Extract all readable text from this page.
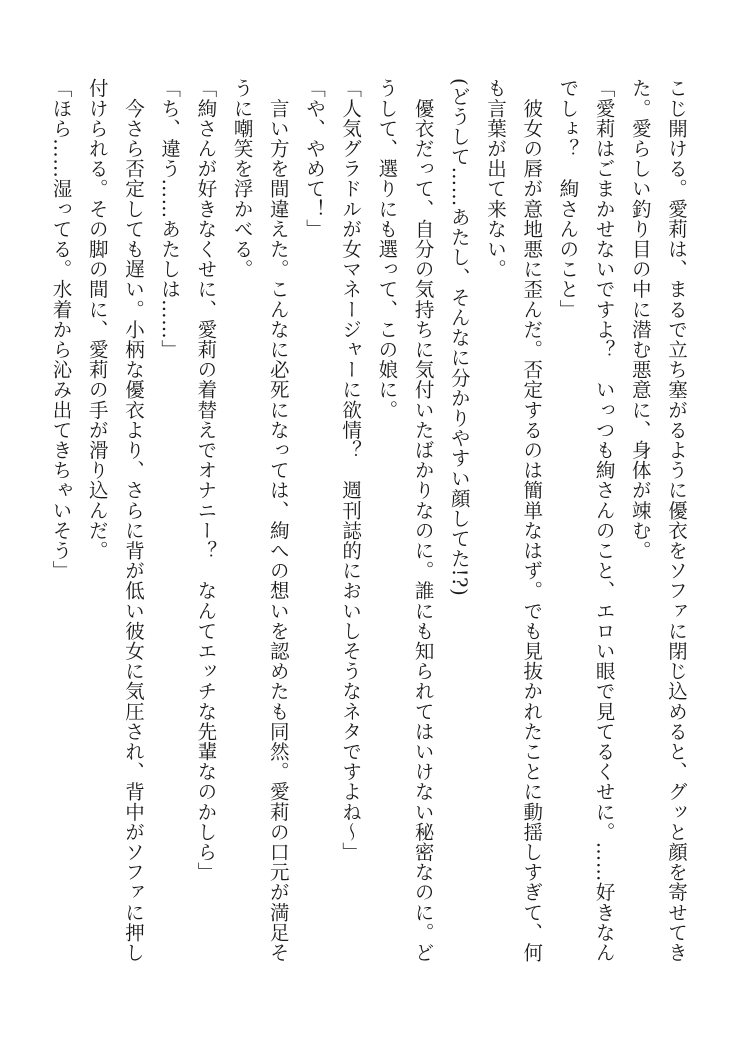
こじ開ける。愛莉は、まるで立ち塞がるように優衣をソファに閉じ込めると、グッと顔を寄せてき
た。愛らしい釣り目の中に潜む悪意に、身体が竦む。
「愛莉はごまかせないですよ？　いっつも絢さんのこと、エロい眼で見てるくせに。……好きなん
でしょ？　絢さんのこと」
　彼女の唇が意地悪に歪んだ。否定するのは簡単なはず。でも見抜かれたことに動揺しすぎて、何
も言葉が出て来ない。
(どうして……あたし、そんなに分かりやすい顔してた!?)
　優衣だって、自分の気持ちに気付いたばかりなのに。誰にも知られてはいけない秘密なのに。ど
うして、選りにも選って、この娘に。
「人気グラドルが女マネージャーに欲情？　週刊誌的においしそうなネタですよね～」
「や、やめて！」
　言い方を間違えた。こんなに必死になっては、絢への想いを認めたも同然。愛莉の口元が満足そ
うに嘲笑を浮かべる。
「絢さんが好きなくせに、愛莉の着替えでオナニー？　なんてエッチな先輩なのかしら」
「ち、違う……あたしは……」
　今さら否定しても遅い。小柄な優衣より、さらに背が低い彼女に気圧され、背中がソファに押し
付けられる。その脚の間に、愛莉の手が滑り込んだ。
「ほら……湿ってる。水着から沁み出てきちゃいそう」
